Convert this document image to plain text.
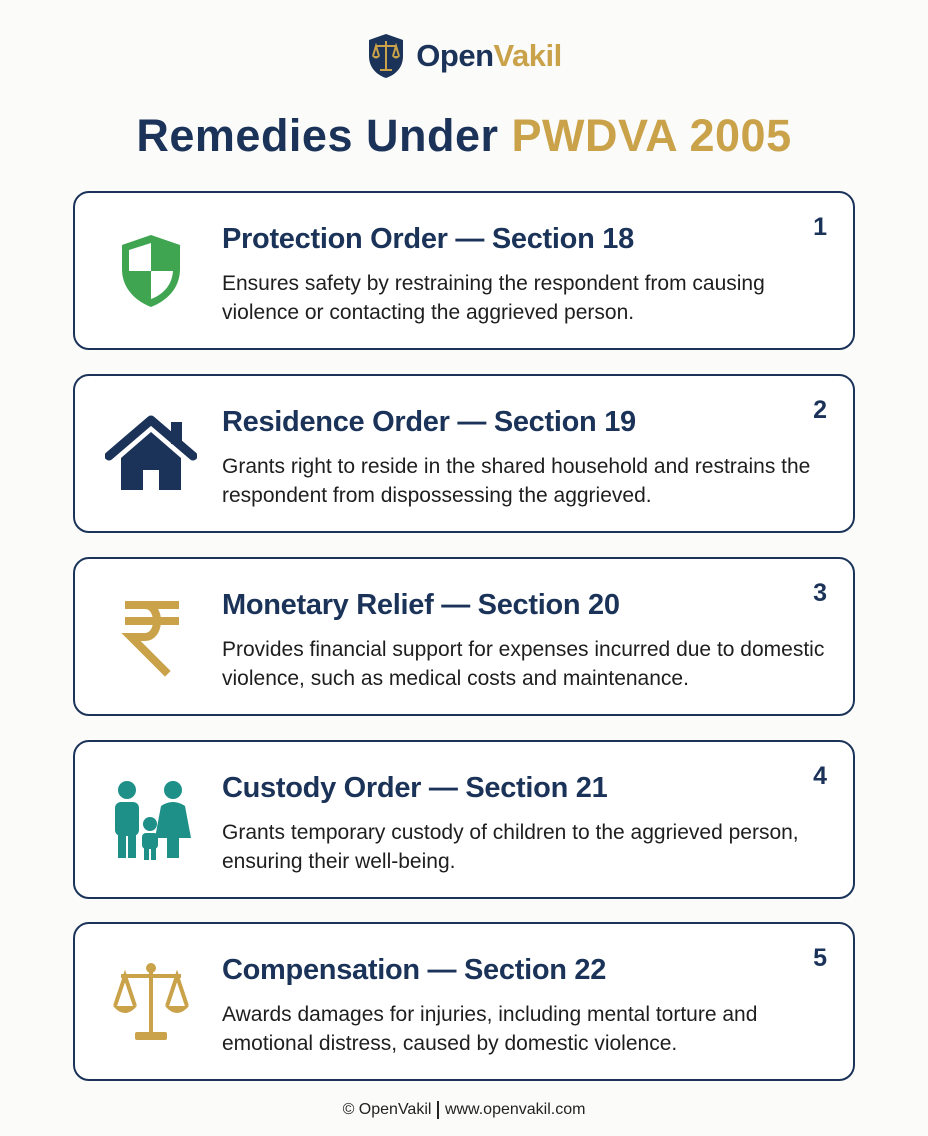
OpenVakil
Remedies Under PWDVA 2005
Protection Order — Section 18
Ensures safety by restraining the respondent from causing violence or contacting the aggrieved person.
1
Residence Order — Section 19
Grants right to reside in the shared household and restrains the respondent from dispossessing the aggrieved.
2
Monetary Relief — Section 20
Provides financial support for expenses incurred due to domestic violence, such as medical costs and maintenance.
3
Custody Order — Section 21
Grants temporary custody of children to the aggrieved person, ensuring their well-being.
4
Compensation — Section 22
Awards damages for injuries, including mental torture and emotional distress, caused by domestic violence.
5
© OpenVakil www.openvakil.com
